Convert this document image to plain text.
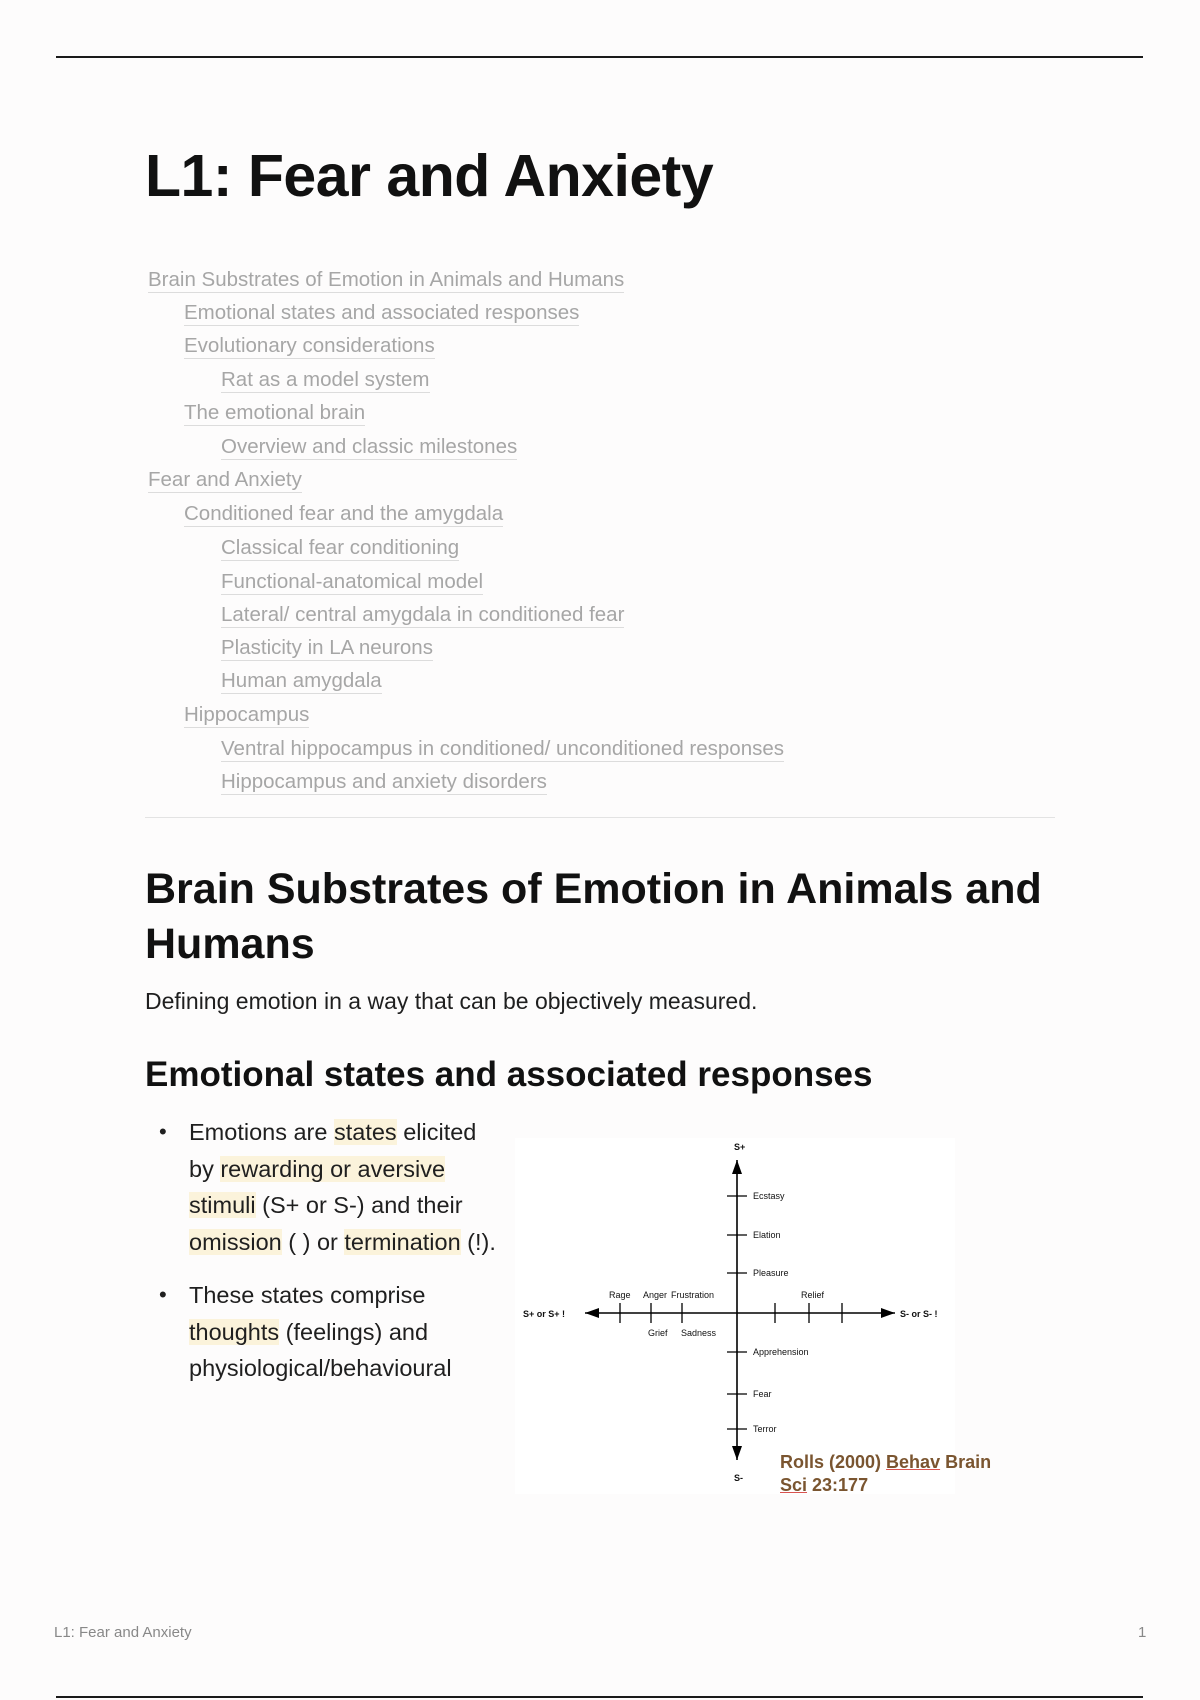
L1: Fear and Anxiety
Brain Substrates of Emotion in Animals and Humans
Emotional states and associated responses
Evolutionary considerations
Rat as a model system
The emotional brain
Overview and classic milestones
Fear and Anxiety
Conditioned fear and the amygdala
Classical fear conditioning
Functional-anatomical model
Lateral/ central amygdala in conditioned fear
Plasticity in LA neurons
Human amygdala
Hippocampus
Ventral hippocampus in conditioned/ unconditioned responses
Hippocampus and anxiety disorders
Brain Substrates of Emotion in Animals and Humans

Defining emotion in a way that can be objectively measured.

Emotional states and associated responses
• Emotions are states elicited by rewarding or aversive stimuli (S+ or S-) and their omission ( ) or termination (!).
• These states comprise thoughts (feelings) and physiological/behavioural
S+
S-
S+ or S+ !	S- or S- !
Ecstasy
Elation
Pleasure
Apprehension
Fear
Terror
Rage Anger Frustration	Relief
Grief Sadness
Rolls (2000) Behav Brain Sci 23:177
L1: Fear and Anxiety	1
